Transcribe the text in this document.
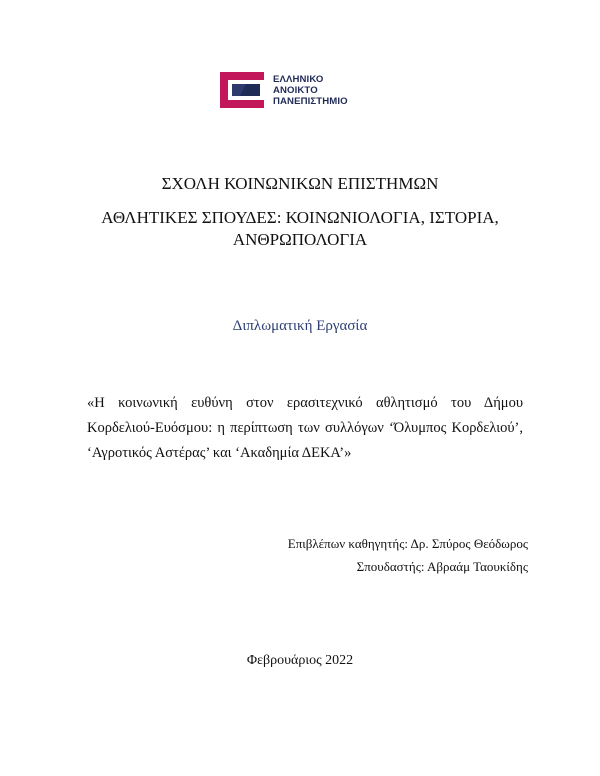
ΕΛΛΗΝΙΚΟ
ΑΝΟΙΚΤΟ
ΠΑΝΕΠΙΣΤΗΜΙΟ
ΣΧΟΛΗ ΚΟΙΝΩΝΙΚΩΝ ΕΠΙΣΤΗΜΩΝ
ΑΘΛΗΤΙΚΕΣ ΣΠΟΥΔΕΣ: ΚΟΙΝΩΝΙΟΛΟΓΙΑ, ΙΣΤΟΡΙΑ,
ΑΝΘΡΩΠΟΛΟΓΙΑ
Διπλωματική Εργασία
«Η κοινωνική ευθύνη στον ερασιτεχνικό αθλητισμό του Δήμου Κορδελιού-Ευόσμου: η περίπτωση των συλλόγων ‘Όλυμπος Κορδελιού’, ‘Αγροτικός Αστέρας’ και ‘Ακαδημία ΔΕΚΑ’»
Επιβλέπων καθηγητής: Δρ. Σπύρος Θεόδωρος
Σπουδαστής: Αβραάμ Ταουκίδης
Φεβρουάριος 2022
